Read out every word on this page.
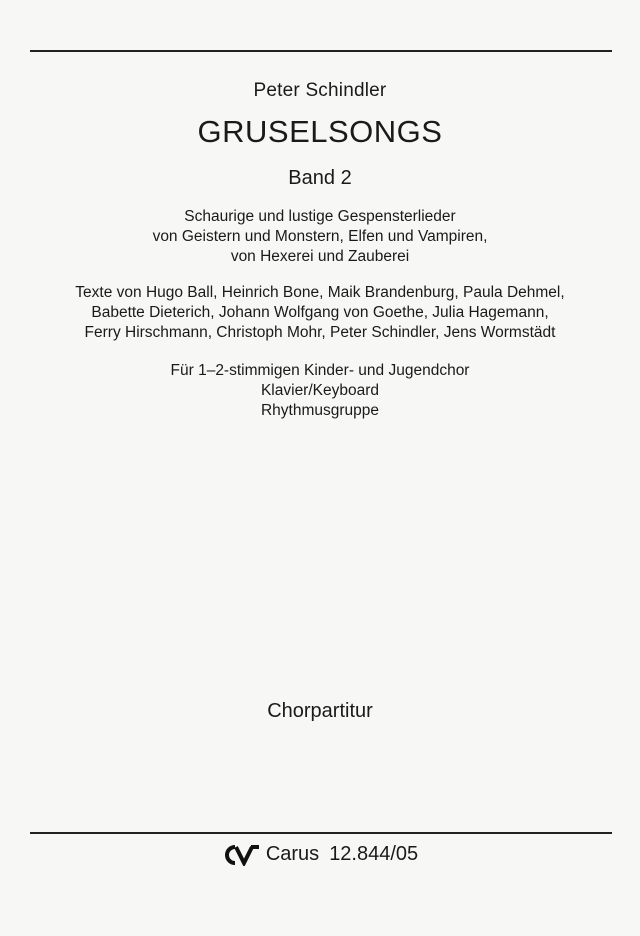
Peter Schindler
GRUSELSONGS
Band 2
Schaurige und lustige Gespensterlieder
von Geistern und Monstern, Elfen und Vampiren,
von Hexerei und Zauberei
Texte von Hugo Ball, Heinrich Bone, Maik Brandenburg, Paula Dehmel,
Babette Dieterich, Johann Wolfgang von Goethe, Julia Hagemann,
Ferry Hirschmann, Christoph Mohr, Peter Schindler, Jens Wormstädt
Für 1–2-stimmigen Kinder- und Jugendchor
Klavier/Keyboard
Rhythmusgruppe
Chorpartitur
Carus 12.844/05
